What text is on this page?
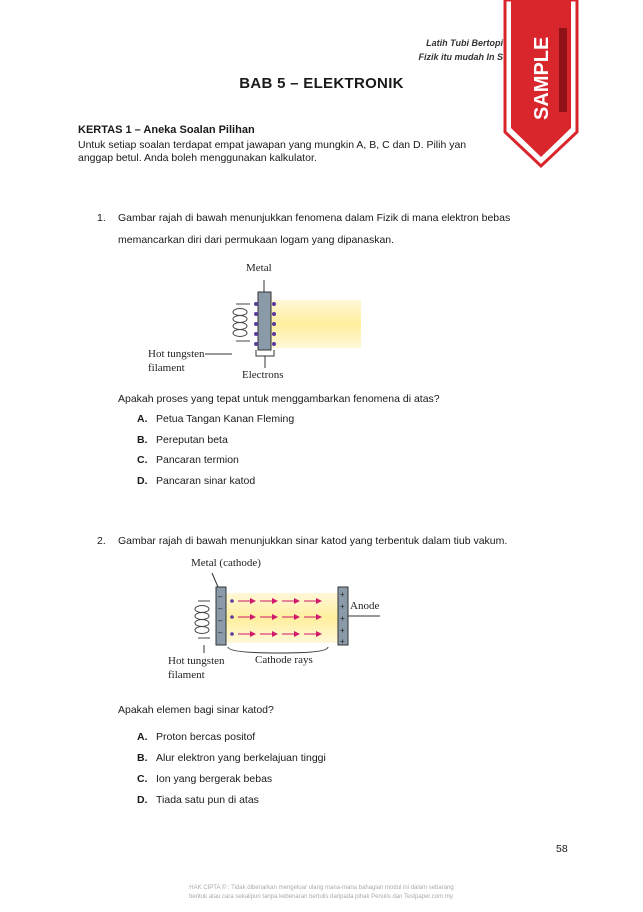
Latih Tubi Bertopi
Fizik itu mudah In S SAMPLE
BAB 5 – ELEKTRONIK
KERTAS 1 – Aneka Soalan Pilihan
Untuk setiap soalan terdapat empat jawapan yang mungkin A, B, C dan D. Pilih yan
anggap betul. Anda boleh menggunakan kalkulator.
1. Gambar rajah di bawah menunjukkan fenomena dalam Fizik di mana elektron bebas
memancarkan diri dari permukaan logam yang dipanaskan.
Metal
Hot tungsten
filament
Electrons
Apakah proses yang tepat untuk menggambarkan fenomena di atas?
A. Petua Tangan Kanan Fleming
B. Pereputan beta
C. Pancaran termion
D. Pancaran sinar katod
2. Gambar rajah di bawah menunjukkan sinar katod yang terbentuk dalam tiub vakum.
–
–
–
–
+
+
+
+
+
Metal (cathode)
Anode
Hot tungsten
filament
Cathode rays
Apakah elemen bagi sinar katod?
A. Proton bercas positof
B. Alur elektron yang berkelajuan tinggi
C. Ion yang bergerak bebas
D. Tiada satu pun di atas
58
HAK CIPTA © : Tidak dibenarkan mengeluar ulang mana-mana bahagian modul ini dalam sebarang
bentuk atau cara sekalipun tanpa kebenaran bertulis daripada pihak Penulis dan Testpaper.com.my.
